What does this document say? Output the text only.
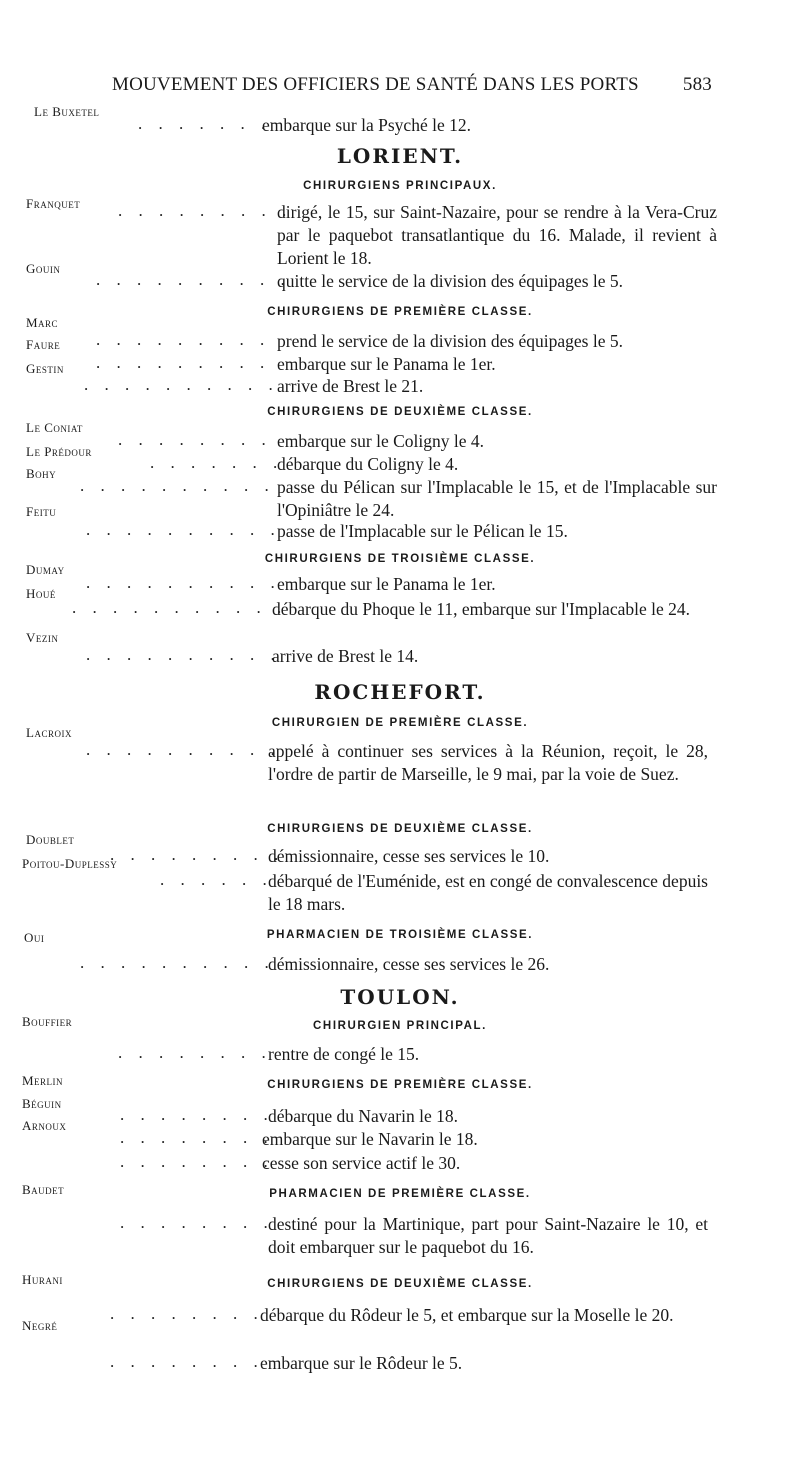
MOUVEMENT DES OFFICIERS DE SANTÉ DANS LES PORTS 583
Le Buxetel
. . . . . . .
embarque sur la Psyché le 12.
LORIENT.
CHIRURGIENS PRINCIPAUX.
Franquet . . . . . . . . .
dirigé, le 15, sur Saint-Nazaire, pour se rendre à la Vera-Cruz par le paquebot transatlantique du 16. Malade, il revient à Lorient le 18.
Gouin
. . . . . . . . . .
quitte le service de la division des équipages le 5.
CHIRURGIENS DE PREMIÈRE CLASSE.
Marc
. . . . . . . . . prend le service de la division des équipages le 5.
Faure
. . . . . . . . . embarque sur le Panama le 1er.
Gestin
. . . . . . . . . .
arrive de Brest le 21.
CHIRURGIENS DE DEUXIÈME CLASSE.
Le Coniat
. . . . . . . . embarque sur le Coligny le 4.
Le Prédour
. . . . . . .
débarque du Coligny le 4.
Bohy
. . . . . . . . . . passe du Pélican sur l'Implacable le 15, et de l'Implacable sur l'Opiniâtre le 24.
Feitu
. . . . . . . . . .
passe de l'Implacable sur le Pélican le 15.
CHIRURGIENS DE TROISIÈME CLASSE.
Dumay
. . . . . . . . . .
embarque sur le Panama le 1er.
Houé
. . . . . . . . . . .
débarque du Phoque le 11, embarque sur l'Implacable le 24.
Vezin
. . . . . . . . . .
arrive de Brest le 14.
ROCHEFORT.
CHIRURGIEN DE PREMIÈRE CLASSE.
Lacroix
. . . . . . . . . .
appelé à continuer ses services à la Réunion, reçoit, le 28, l'ordre de partir de Marseille, le 9 mai, par la voie de Suez.
CHIRURGIENS DE DEUXIÈME CLASSE.
Doublet
. . . . . . . . .
démissionnaire, cesse ses services le 10.
Poitou-Duplessy
. . . . . .
débarqué de l'Euménide, est en congé de convalescence depuis le 18 mars.
PHARMACIEN DE TROISIÈME CLASSE.
Oui
. . . . . . . . . .
démissionnaire, cesse ses services le 26.
TOULON.
CHIRURGIEN PRINCIPAL.
Bouffier
. . . . . . . .
rentre de congé le 15.
CHIRURGIENS DE PREMIÈRE CLASSE.
Merlin
. . . . . . . .
débarque du Navarin le 18.
Béguin
. . . . . . . .
embarque sur le Navarin le 18.
Arnoux
. . . . . . . .
cesse son service actif le 30.
PHARMACIEN DE PREMIÈRE CLASSE.
Baudet
. . . . . . . .
destiné pour la Martinique, part pour Saint-Nazaire le 10, et doit embarquer sur le paquebot du 16.
CHIRURGIENS DE DEUXIÈME CLASSE.
Hurani
. . . . . . . .
débarque du Rôdeur le 5, et embarque sur la Moselle le 20.
Negré
. . . . . . . .
embarque sur le Rôdeur le 5.
